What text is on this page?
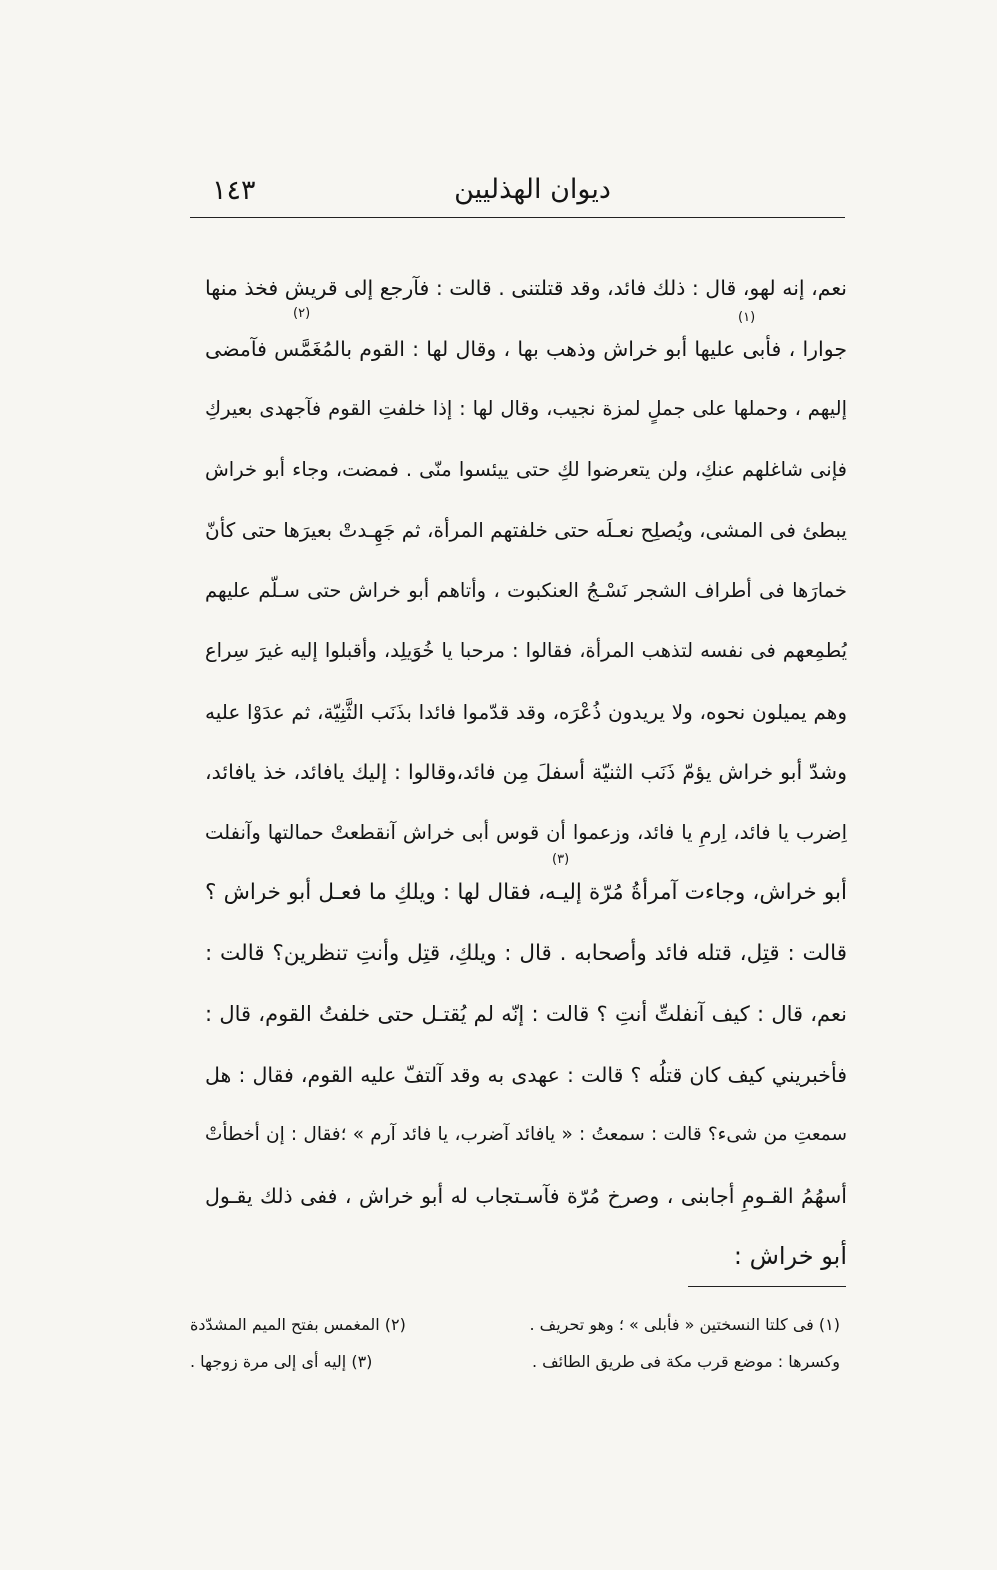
١٤٣	ديوان الهذليين
نعم، إنه لهو، قال : ذلك فائد، وقد قتلتنى . قالت : فآرجع إلى قريش فخذ منها
جوارا ، فأبى عليها أبو خراش وذهب بها ، وقال لها : القوم بالمُغَمَّس فآمضى
إليهم ، وحملها على جملٍ لمزة نجيب، وقال لها : إذا خلفتِ القوم فآجهدى بعيركِ
فإنى شاغلهم عنكِ، ولن يتعرضوا لكِ حتى ييئسوا منّى . فمضت، وجاء أبو خراش
يبطئ فى المشى، ويُصلِح نعـلَه حتى خلفتهم المرأة، ثم جَهِـدتْ بعيرَها حتى كأنّ
خمارَها فى أطراف الشجر نَسْـجُ العنكبوت ، وأتاهم أبو خراش حتى سـلّم عليهم
يُطمِعهم فى نفسه لتذهب المرأة، فقالوا : مرحبا يا خُوَيلِد، وأقبلوا إليه غيرَ سِراع
وهم يميلون نحوه، ولا يريدون ذُعْرَه، وقد قدّموا فائدا بذَنَب الثَّنِيّة، ثم عدَوْا عليه
وشدّ أبو خراش يؤمّ ذَنَب الثنيّة أسفلَ مِن فائد،وقالوا : إليك يافائد، خذ يافائد،
اِضرب يا فائد، اِرمِ يا فائد، وزعموا أن قوس أبى خراش آنقطعتْ حمالتها وآنفلت
أبو خراش، وجاءت آمرأةُ مُرّة إليـه، فقال لها : ويلكِ ما فعـل أبو خراش ؟
قالت : قتِل، قتله فائد وأصحابه . قال : ويلكِ، قتِل وأنتِ تنظرين؟ قالت :
نعم، قال : كيف آنفلتِّ أنتِ ؟ قالت : إنّه لم يُقتـل حتى خلفتُ القوم، قال :
فأخبريني كيف كان قتلُه ؟ قالت : عهدى به وقد آلتفّ عليه القوم، فقال : هل
سمعتِ من شىء؟ قالت : سمعتُ : « يافائد آضرب، يا فائد آرم » ؛فقال : إن أخطأتْ
أسهُمُ القـومِ أجابنى ، وصرخ مُرّة فآسـتجاب له أبو خراش ، ففى ذلك يقـول
أبو خراش :
(١)
(٢)
(٣)
(١) فى كلتا النسختين « فأبلى » ؛ وهو تحريف .
(٢) المغمس بفتح الميم المشدّدة
وكسرها : موضع قرب مكة فى طريق الطائف .
(٣) إليه أى إلى مرة زوجها .
